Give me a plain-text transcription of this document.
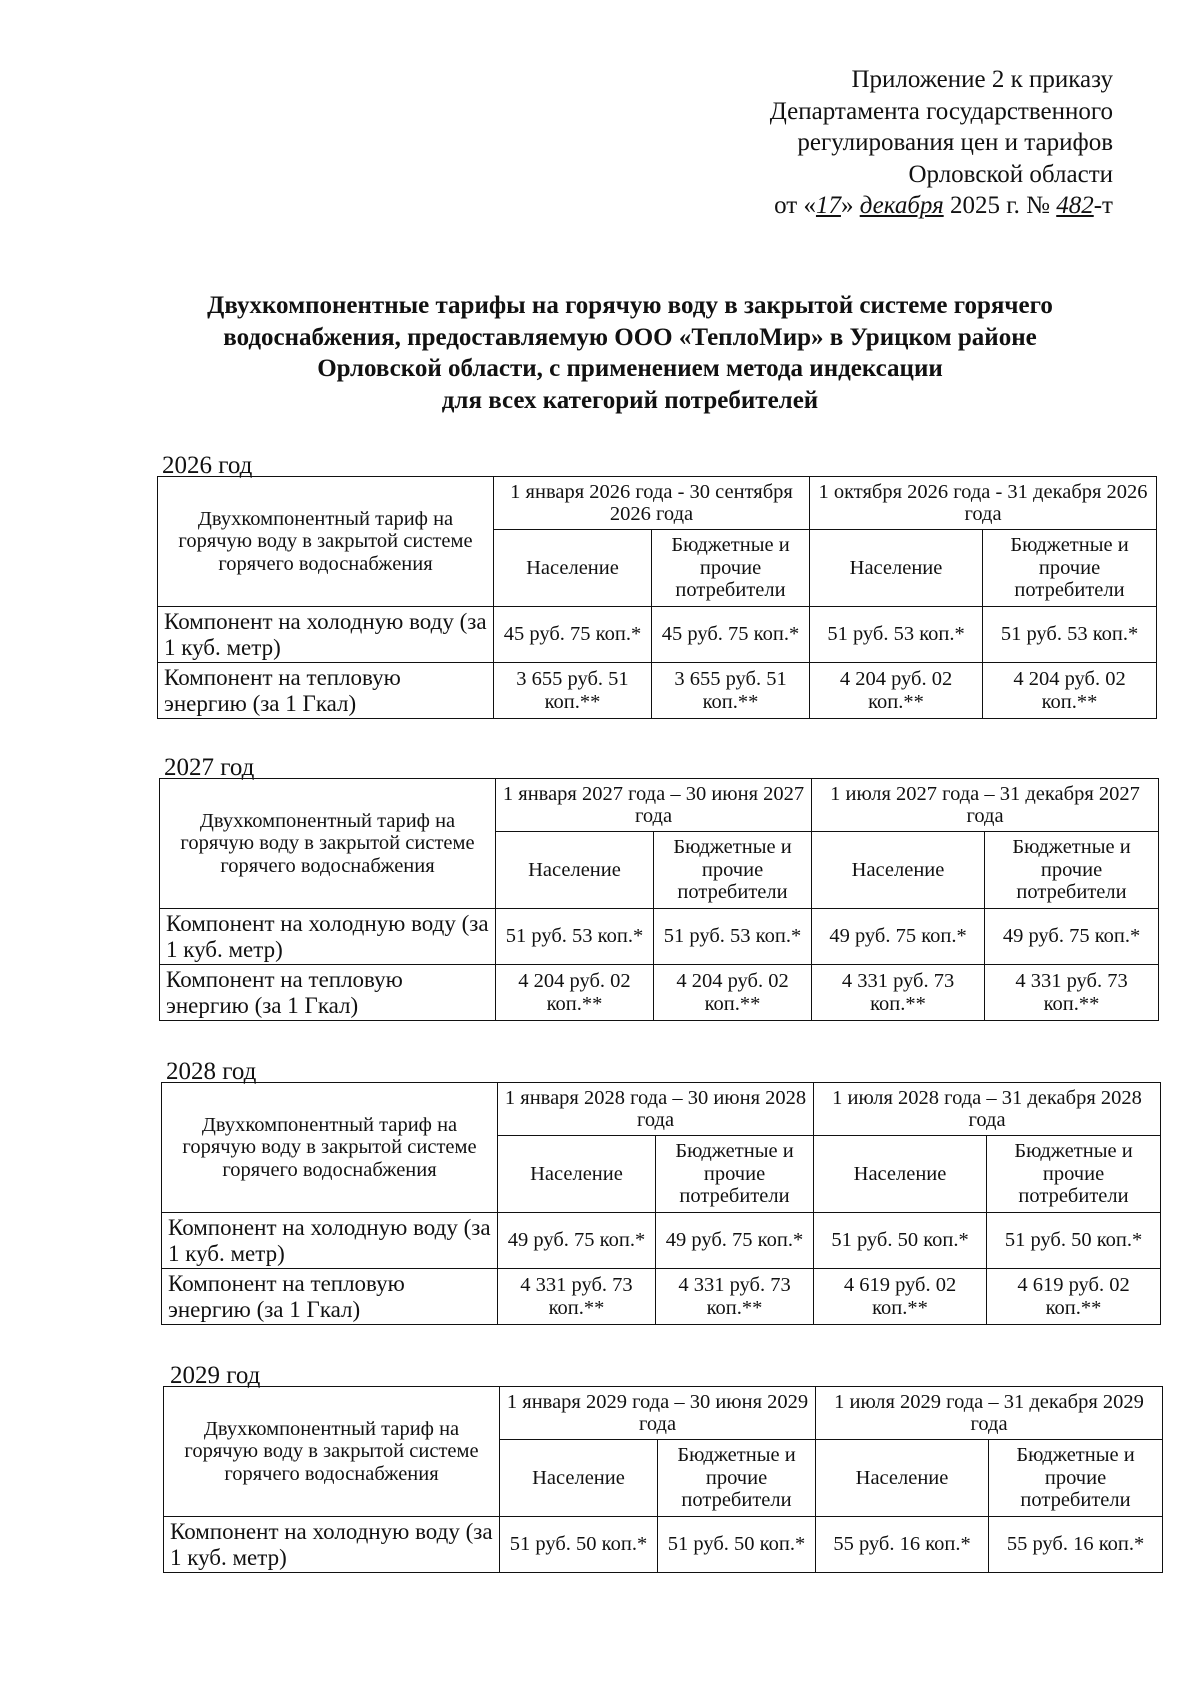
Приложение 2 к приказу
Департамента государственного
регулирования цен и тарифов
Орловской области
от «17» декабря 2025 г. № 482-т
Двухкомпонентные тарифы на горячую воду в закрытой системе горячего
водоснабжения, предоставляемую ООО «ТеплоМир» в Урицком районе
Орловской области, с применением метода индексации
для всех категорий потребителей
2026 год
Двухкомпонентный тариф на горячую воду в закрытой системе горячего водоснабжения	1 января 2026 года - 30 сентября 2026 года		1 октября 2026 года - 31 декабря 2026 года	
	Население	Бюджетные и прочие потребители	Население	Бюджетные и прочие потребители
Компонент на холодную воду (за 1 куб. метр)	45 руб. 75 коп.*	45 руб. 75 коп.*	51 руб. 53 коп.*	51 руб. 53 коп.*
Компонент на тепловую энергию (за 1 Гкал)	3 655 руб. 51 коп.**	3 655 руб. 51 коп.**	4 204 руб. 02 коп.**	4 204 руб. 02 коп.**
2027 год
Двухкомпонентный тариф на горячую воду в закрытой системе горячего водоснабжения	1 января 2027 года – 30 июня 2027 года		1 июля 2027 года – 31 декабря 2027 года	
	Население	Бюджетные и прочие потребители	Население	Бюджетные и прочие потребители
Компонент на холодную воду (за 1 куб. метр)	51 руб. 53 коп.*	51 руб. 53 коп.*	49 руб. 75 коп.*	49 руб. 75 коп.*
Компонент на тепловую энергию (за 1 Гкал)	4 204 руб. 02 коп.**	4 204 руб. 02 коп.**	4 331 руб. 73 коп.**	4 331 руб. 73 коп.**
2028 год
Двухкомпонентный тариф на горячую воду в закрытой системе горячего водоснабжения	1 января 2028 года – 30 июня 2028 года		1 июля 2028 года – 31 декабря 2028 года	
	Население	Бюджетные и прочие потребители	Население	Бюджетные и прочие потребители
Компонент на холодную воду (за 1 куб. метр)	49 руб. 75 коп.*	49 руб. 75 коп.*	51 руб. 50 коп.*	51 руб. 50 коп.*
Компонент на тепловую энергию (за 1 Гкал)	4 331 руб. 73 коп.**	4 331 руб. 73 коп.**	4 619 руб. 02 коп.**	4 619 руб. 02 коп.**
2029 год
Двухкомпонентный тариф на горячую воду в закрытой системе горячего водоснабжения	1 января 2029 года – 30 июня 2029 года		1 июля 2029 года – 31 декабря 2029 года	
	Население	Бюджетные и прочие потребители	Население	Бюджетные и прочие потребители
Компонент на холодную воду (за 1 куб. метр)	51 руб. 50 коп.*	51 руб. 50 коп.*	55 руб. 16 коп.*	55 руб. 16 коп.*
